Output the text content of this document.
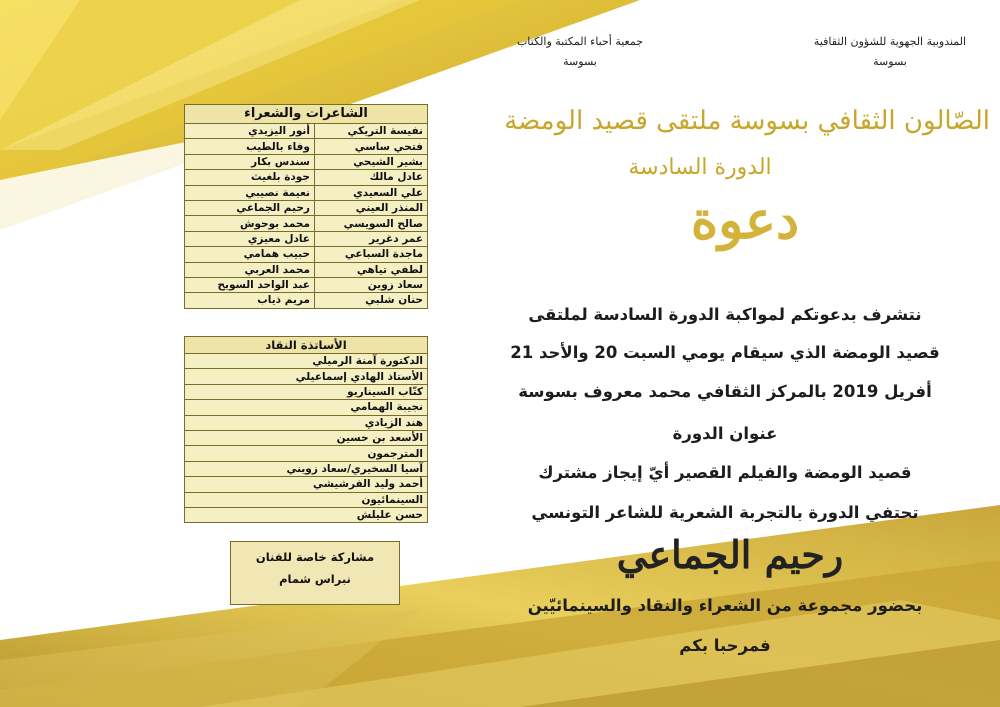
المندوبية الجهوية للشؤون الثقافية
بسوسة
جمعية أحباء المكتبة والكتاب
بسوسة
الشاعرات والشعراء	
نفيسة التريكي	أنور اليزيدي
فتحي ساسي	وفاء بالطيب
بشير الشيحي	سندس بكار
عادل مالك	جودة بلغيث
علي السعيدي	نعيمة نصيبي
المنذر العيني	رحيم الجماعي
صالح السويسي	محمد بوحوش
عمر دغرير	عادل معيزي
ماجدة السباعي	حبيب همامي
لطفي تياهي	محمد العربي
سعاد زوين	عبد الواحد السويح
حنان شلبي	مريم ذياب
الأساتذة النقاد
الدكتورة آمنة الرميلي
الأستاذ الهادي إسماعيلي
كتّاب السيناريو
نجيبة الهمامي
هند الزيادي
الأسعد بن حسين
المترجمون
آسيا السخيري/سعاد زويني
أحمد وليد الفرشيشي
السينمائيون
حسن عليلش
مشاركة خاصة للفنان
نبراس شمام
الصّالون الثقافي بسوسة ملتقى قصيد الومضة
الدورة السادسة
دعوة
نتشرف بدعوتكم لمواكبة الدورة السادسة لملتقى
قصيد الومضة الذي سيقام يومي السبت 20 والأحد 21
أفريل 2019 بالمركز الثقافي محمد معروف بسوسة
عنوان الدورة
قصيد الومضة والفيلم القصير أيّ إيجاز مشترك
تحتفي الدورة بالتجربة الشعرية للشاعر التونسي
رحيم الجماعي
بحضور مجموعة من الشعراء والنقاد والسينمائيّين
فمرحبا بكم
